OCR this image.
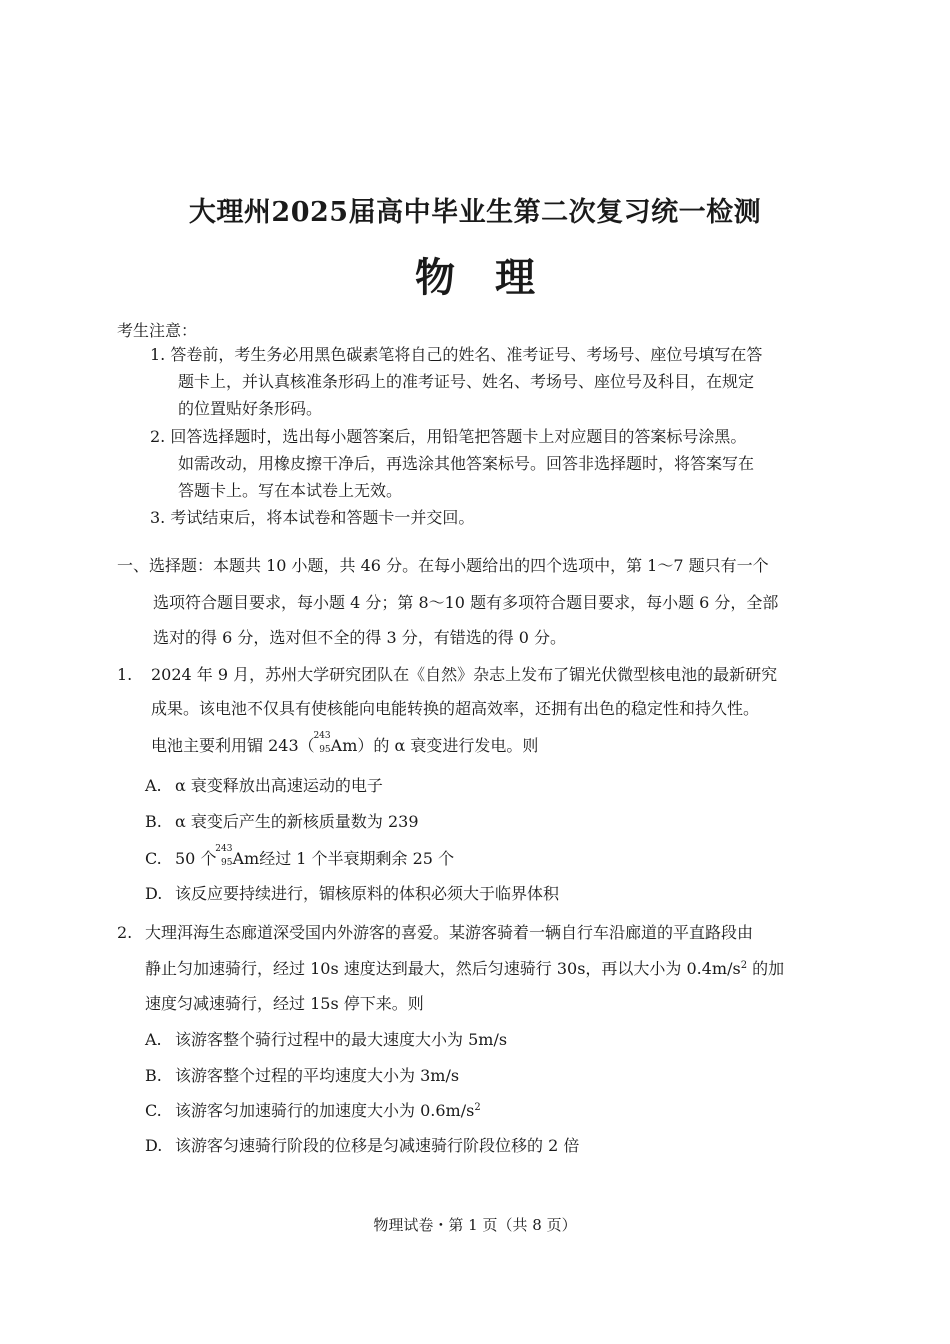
大理州2025届高中毕业生第二次复习统一检测
物　理
考生注意：
1. 答卷前，考生务必用黑色碳素笔将自己的姓名、准考证号、考场号、座位号填写在答
题卡上，并认真核准条形码上的准考证号、姓名、考场号、座位号及科目，在规定
的位置贴好条形码。
2. 回答选择题时，选出每小题答案后，用铅笔把答题卡上对应题目的答案标号涂黑。
如需改动，用橡皮擦干净后，再选涂其他答案标号。回答非选择题时，将答案写在
答题卡上。写在本试卷上无效。
3. 考试结束后，将本试卷和答题卡一并交回。
一、选择题：本题共 10 小题，共 46 分。在每小题给出的四个选项中，第 1～7 题只有一个
选项符合题目要求，每小题 4 分；第 8～10 题有多项符合题目要求，每小题 6 分，全部
选对的得 6 分，选对但不全的得 3 分，有错选的得 0 分。
1. 2024 年 9 月，苏州大学研究团队在《自然》杂志上发布了镅光伏微型核电池的最新研究
成果。该电池不仅具有使核能向电能转换的超高效率，还拥有出色的稳定性和持久性。
电池主要利用镅 243（
243
95 Am）的 α 衰变进行发电。则
A. α 衰变释放出高速运动的电子
B. α 衰变后产生的新核质量数为 239
C. 50 个
243
95 Am经过 1 个半衰期剩余 25 个
D. 该反应要持续进行，镅核原料的体积必须大于临界体积
2. 大理洱海生态廊道深受国内外游客的喜爱。某游客骑着一辆自行车沿廊道的平直路段由
静止匀加速骑行，经过 10s 速度达到最大，然后匀速骑行 30s，再以大小为 $0.4m/s^2$ 的加
速度匀减速骑行，经过 15s 停下来。则
A. 该游客整个骑行过程中的最大速度大小为 5m/s
B. 该游客整个过程的平均速度大小为 3m/s
C. 该游客匀加速骑行的加速度大小为 $0.6m/s^2$
D. 该游客匀速骑行阶段的位移是匀减速骑行阶段位移的 2 倍
物理试卷・第 1 页（共 8 页）
